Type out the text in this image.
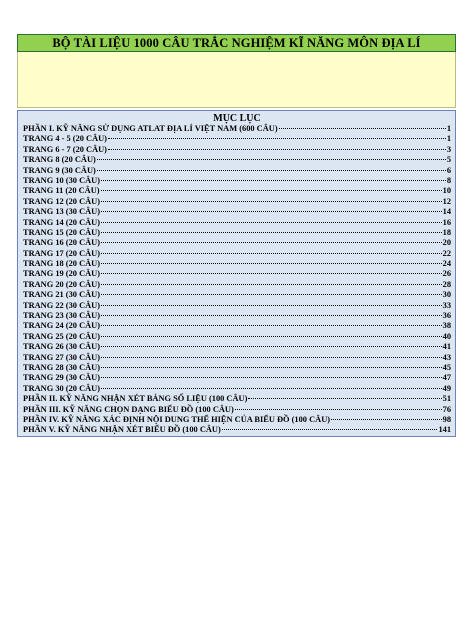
BỘ TÀI LIỆU 1000 CÂU TRẮC NGHIỆM KĨ NĂNG MÔN ĐỊA LÍ
MỤC LỤC
PHẦN I. KỸ NĂNG SỬ DỤNG ATLAT ĐỊA LÍ VIỆT NAM (600 CÂU)	1
TRANG 4 - 5 (20 CÂU)	1
TRANG 6 - 7 (20 CÂU)	3
TRANG 8 (20 CÂU)	5
TRANG 9 (30 CÂU)	6
TRANG 10 (30 CÂU)	8
TRANG 11 (20 CÂU)	10
TRANG 12 (20 CÂU)	12
TRANG 13 (30 CÂU)	14
TRANG 14 (20 CÂU)	16
TRANG 15 (20 CÂU)	18
TRANG 16 (20 CÂU)	20
TRANG 17 (20 CÂU)	22
TRANG 18 (20 CÂU)	24
TRANG 19 (20 CÂU)	26
TRANG 20 (20 CÂU)	28
TRANG 21 (30 CÂU)	30
TRANG 22 (30 CÂU)	33
TRANG 23 (30 CÂU)	36
TRANG 24 (20 CÂU)	38
TRANG 25 (20 CÂU)	40
TRANG 26 (30 CÂU)	41
TRANG 27 (30 CÂU)	43
TRANG 28 (30 CÂU)	45
TRANG 29 (30 CÂU)	47
TRANG 30 (20 CÂU)	49
PHẦN II. KỸ NĂNG NHẬN XÉT BẢNG SỐ LIỆU (100 CÂU)	51
PHẦN III. KỸ NĂNG CHỌN DẠNG BIỂU ĐỒ (100 CÂU)	76
PHẦN IV. KỸ NĂNG XÁC ĐỊNH NỘI DUNG THỂ HIỆN CỦA BIỂU ĐỒ (100 CÂU)	98
PHẦN V. KỸ NĂNG NHẬN XÉT BIỂU ĐỒ (100 CÂU)	141
